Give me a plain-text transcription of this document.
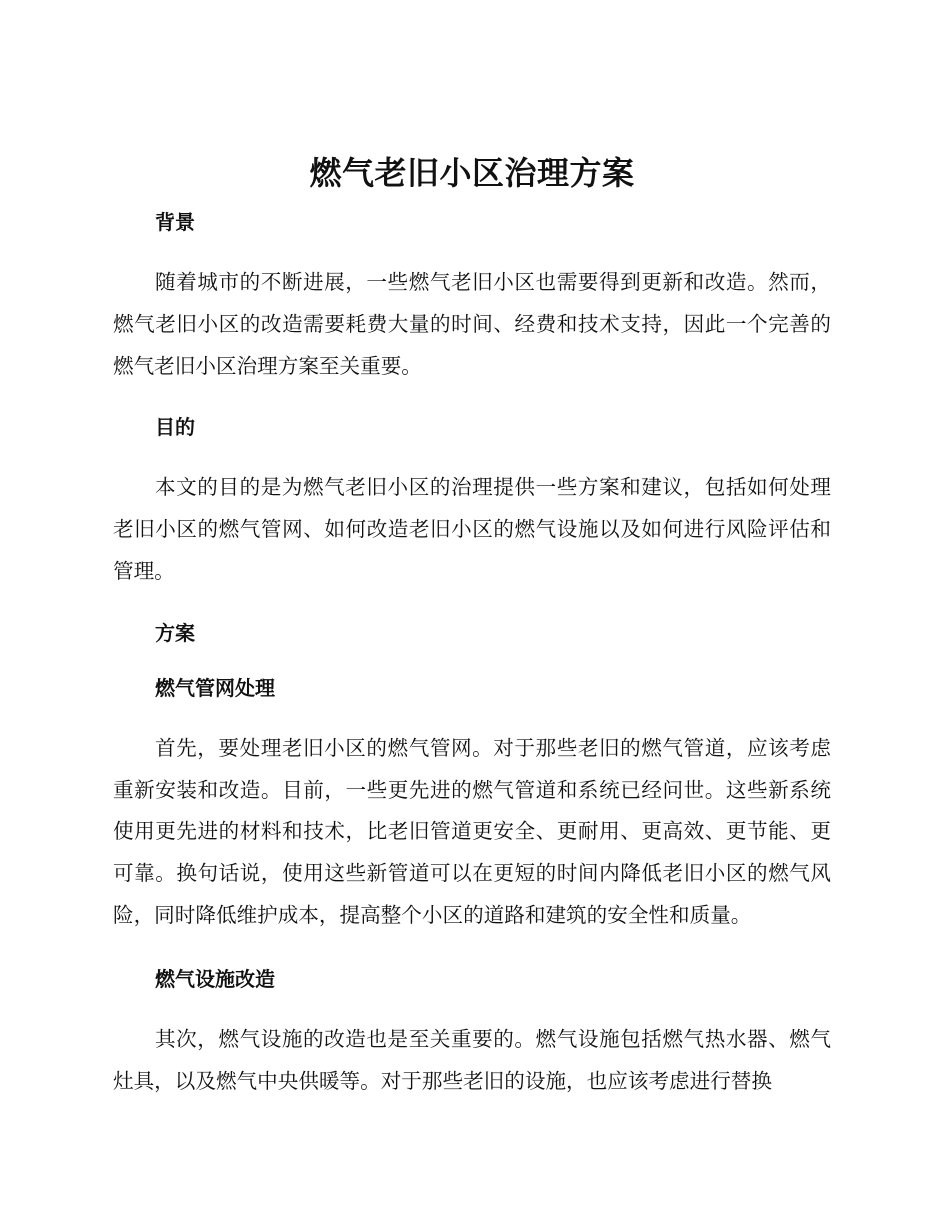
燃气老旧小区治理方案
背景

随着城市的不断进展，一些燃气老旧小区也需要得到更新和改造。然而，燃气老旧小区的改造需要耗费大量的时间、经费和技术支持，因此一个完善的燃气老旧小区治理方案至关重要。

目的

本文的目的是为燃气老旧小区的治理提供一些方案和建议，包括如何处理老旧小区的燃气管网、如何改造老旧小区的燃气设施以及如何进行风险评估和管理。

方案
燃气管网处理

首先，要处理老旧小区的燃气管网。对于那些老旧的燃气管道，应该考虑重新安装和改造。目前，一些更先进的燃气管道和系统已经问世。这些新系统使用更先进的材料和技术，比老旧管道更安全、更耐用、更高效、更节能、更可靠。换句话说，使用这些新管道可以在更短的时间内降低老旧小区的燃气风险，同时降低维护成本，提高整个小区的道路和建筑的安全性和质量。

燃气设施改造

其次，燃气设施的改造也是至关重要的。燃气设施包括燃气热水器、燃气灶具，以及燃气中央供暖等。对于那些老旧的设施，也应该考虑进行替换
